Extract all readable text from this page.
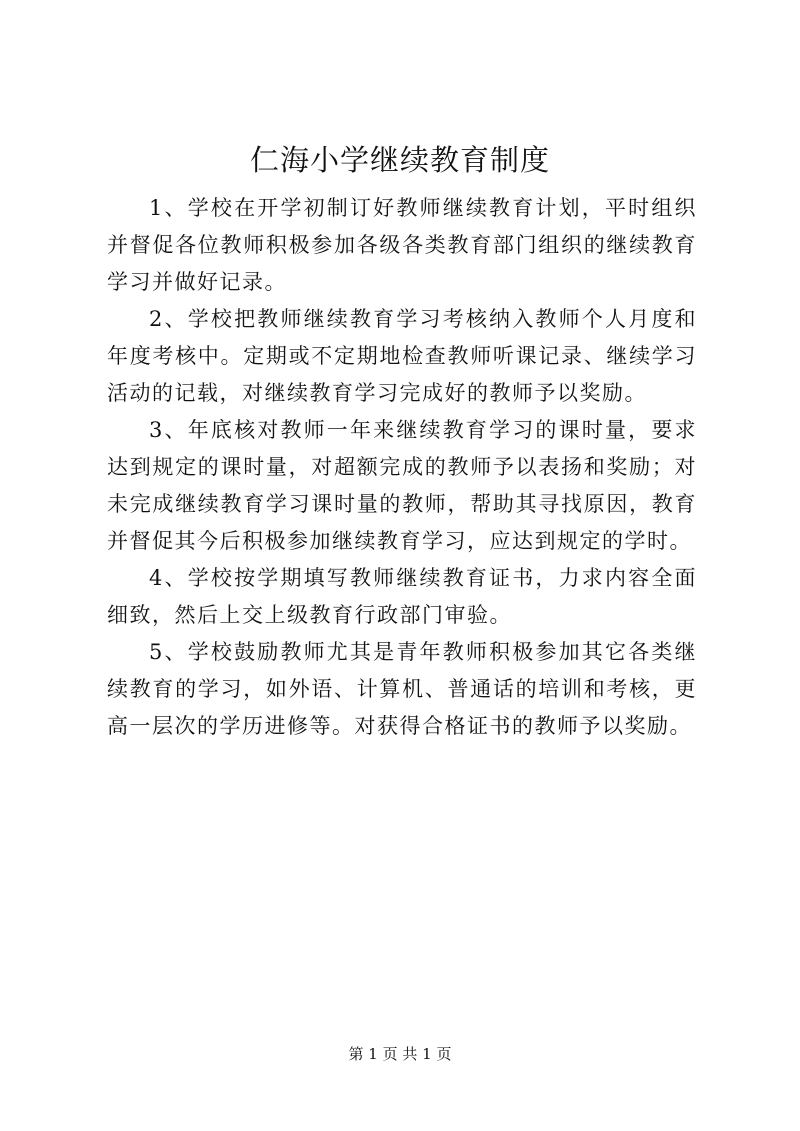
仁海小学继续教育制度

1、学校在开学初制订好教师继续教育计划，平时组织并督促各位教师积极参加各级各类教育部门组织的继续教育学习并做好记录。

2、学校把教师继续教育学习考核纳入教师个人月度和年度考核中。定期或不定期地检查教师听课记录、继续学习活动的记载，对继续教育学习完成好的教师予以奖励。

3、年底核对教师一年来继续教育学习的课时量，要求达到规定的课时量，对超额完成的教师予以表扬和奖励；对未完成继续教育学习课时量的教师，帮助其寻找原因，教育并督促其今后积极参加继续教育学习，应达到规定的学时。

4、学校按学期填写教师继续教育证书，力求内容全面细致，然后上交上级教育行政部门审验。

5、学校鼓励教师尤其是青年教师积极参加其它各类继续教育的学习，如外语、计算机、普通话的培训和考核，更高一层次的学历进修等。对获得合格证书的教师予以奖励。

第 1 页 共 1 页
